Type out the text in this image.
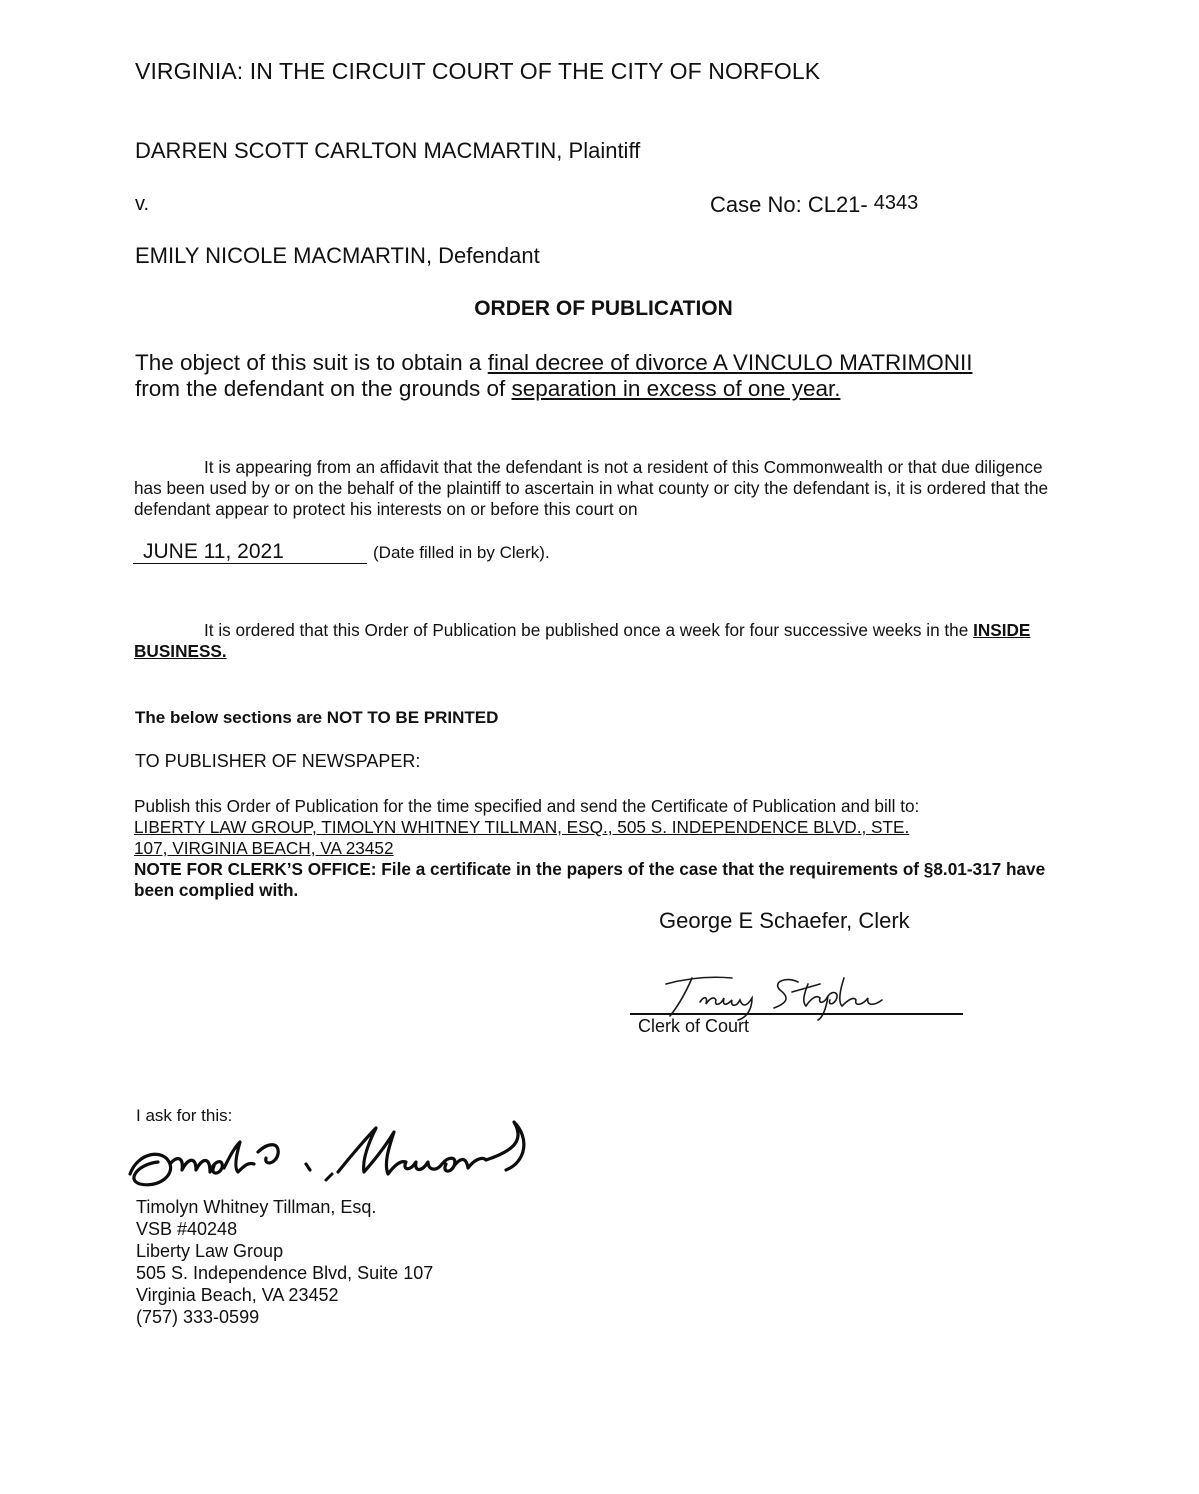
VIRGINIA: IN THE CIRCUIT COURT OF THE CITY OF NORFOLK
DARREN SCOTT CARLTON MACMARTIN, Plaintiff
v.	Case No: CL21- 4343
EMILY NICOLE MACMARTIN, Defendant
ORDER OF PUBLICATION
The object of this suit is to obtain a final decree of divorce A VINCULO MATRIMONII
from the defendant on the grounds of separation in excess of one year.
It is appearing from an affidavit that the defendant is not a resident of this Commonwealth or that due diligence has been used by or on the behalf of the plaintiff to ascertain in what county or city the defendant is, it is ordered that the defendant appear to protect his interests on or before this court on
JUNE 11, 2021	(Date filled in by Clerk).
It is ordered that this Order of Publication be published once a week for four successive weeks in the INSIDE BUSINESS.
The below sections are NOT TO BE PRINTED
TO PUBLISHER OF NEWSPAPER:
Publish this Order of Publication for the time specified and send the Certificate of Publication and bill to:
LIBERTY LAW GROUP, TIMOLYN WHITNEY TILLMAN, ESQ., 505 S. INDEPENDENCE BLVD., STE.
107, VIRGINIA BEACH, VA 23452
NOTE FOR CLERK’S OFFICE: File a certificate in the papers of the case that the requirements of §8.01-317 have been complied with.
George E Schaefer, Clerk
Clerk of Court
I ask for this:
Timolyn Whitney Tillman, Esq.
VSB #40248
Liberty Law Group
505 S. Independence Blvd, Suite 107
Virginia Beach, VA 23452
(757) 333-0599
